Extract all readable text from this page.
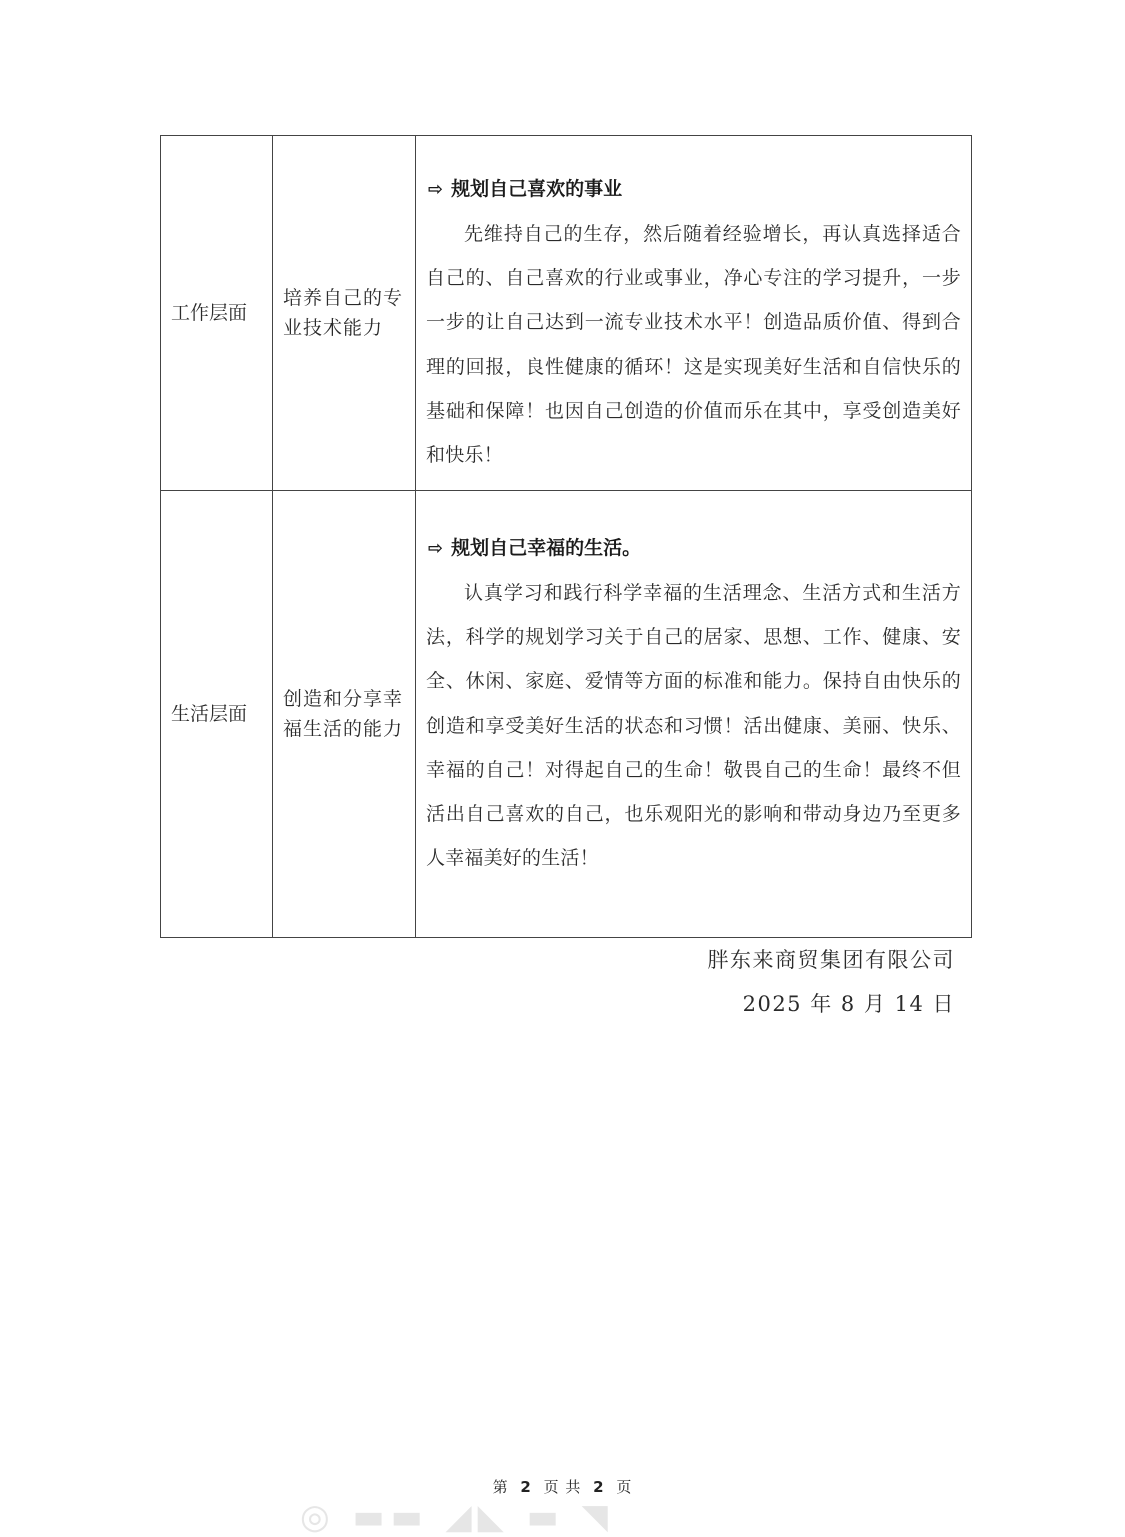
工作层面	培养自己的专业技术能力	⇨ 规划自己喜欢的事业

先维持自己的生存，然后随着经验增长，再认真选择适合自己的、自己喜欢的行业或事业，净心专注的学习提升，一步一步的让自己达到一流专业技术水平！创造品质价值、得到合理的回报，良性健康的循环！这是实现美好生活和自信快乐的基础和保障！也因自己创造的价值而乐在其中，享受创造美好和快乐！

生活层面	创造和分享幸福生活的能力	⇨ 规划自己幸福的生活。

认真学习和践行科学幸福的生活理念、生活方式和生活方法，科学的规划学习关于自己的居家、思想、工作、健康、安全、休闲、家庭、爱情等方面的标准和能力。保持自由快乐的创造和享受美好生活的状态和习惯！活出健康、美丽、快乐、幸福的自己！对得起自己的生命！敬畏自己的生命！最终不但活出自己喜欢的自己，也乐观阳光的影响和带动身边乃至更多人幸福美好的生活！

胖东来商贸集团有限公司
2025 年 8 月 14 日
第 2 页 共 2 页
◎ ▬▬ ◢◣ ▬ ◥
